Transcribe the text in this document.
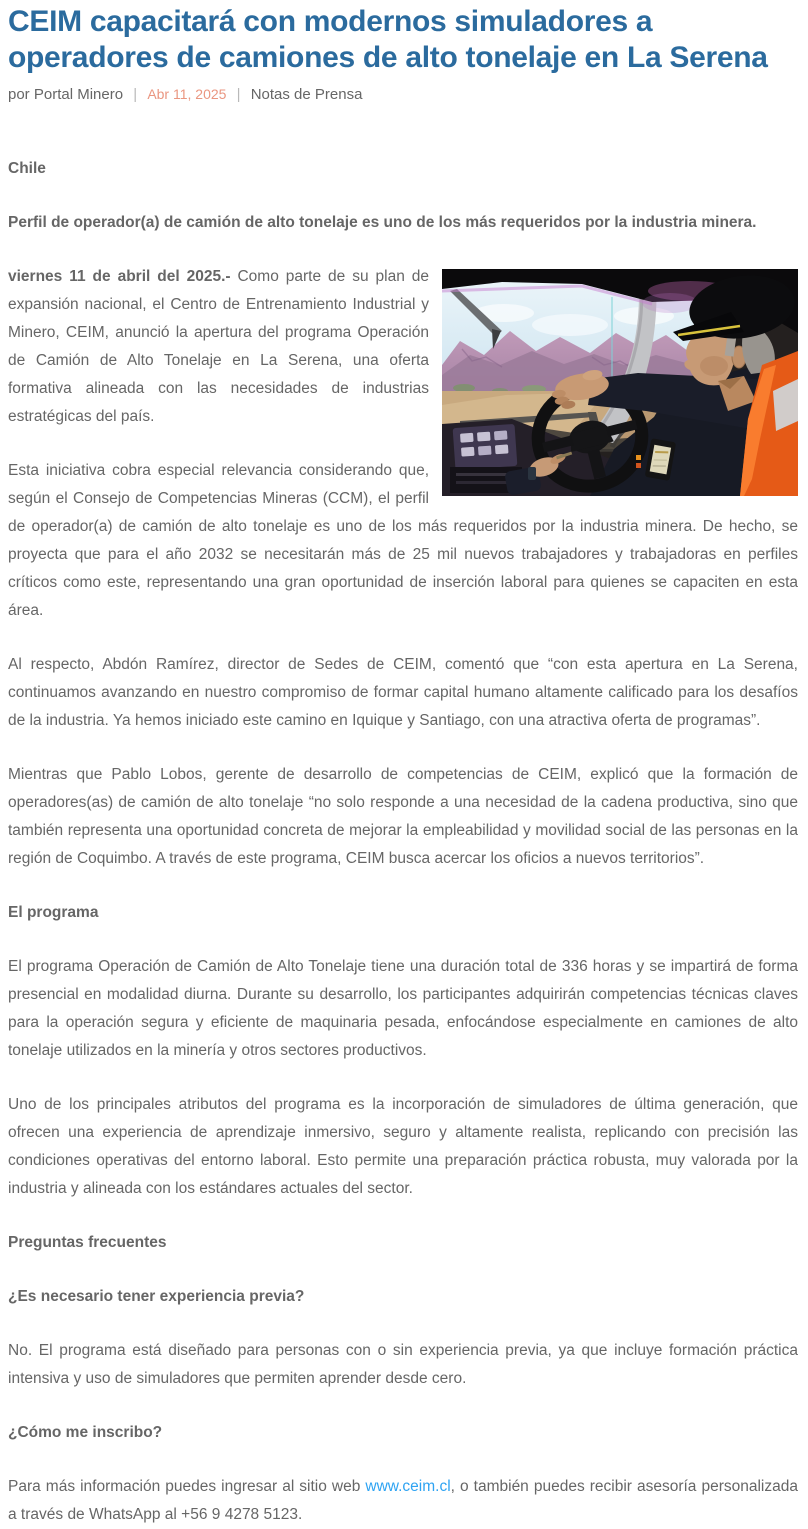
CEIM capacitará con modernos simuladores a operadores de camiones de alto tonelaje en La Serena
por Portal Minero | Abr 11, 2025 | Notas de Prensa

Chile

Perfil de operador(a) de camión de alto tonelaje es uno de los más requeridos por la industria minera.

viernes 11 de abril del 2025.- Como parte de su plan de expansión nacional, el Centro de Entrenamiento Industrial y Minero, CEIM, anunció la apertura del programa Operación de Camión de Alto Tonelaje en La Serena, una oferta formativa alineada con las necesidades de industrias estratégicas del país.

Esta iniciativa cobra especial relevancia considerando que, según el Consejo de Competencias Mineras (CCM), el perfil de operador(a) de camión de alto tonelaje es uno de los más requeridos por la industria minera. De hecho, se proyecta que para el año 2032 se necesitarán más de 25 mil nuevos trabajadores y trabajadoras en perfiles críticos como este, representando una gran oportunidad de inserción laboral para quienes se capaciten en esta área.

Al respecto, Abdón Ramírez, director de Sedes de CEIM, comentó que “con esta apertura en La Serena, continuamos avanzando en nuestro compromiso de formar capital humano altamente calificado para los desafíos de la industria. Ya hemos iniciado este camino en Iquique y Santiago, con una atractiva oferta de programas”.

Mientras que Pablo Lobos, gerente de desarrollo de competencias de CEIM, explicó que la formación de operadores(as) de camión de alto tonelaje “no solo responde a una necesidad de la cadena productiva, sino que también representa una oportunidad concreta de mejorar la empleabilidad y movilidad social de las personas en la región de Coquimbo. A través de este programa, CEIM busca acercar los oficios a nuevos territorios”.

El programa

El programa Operación de Camión de Alto Tonelaje tiene una duración total de 336 horas y se impartirá de forma presencial en modalidad diurna. Durante su desarrollo, los participantes adquirirán competencias técnicas claves para la operación segura y eficiente de maquinaria pesada, enfocándose especialmente en camiones de alto tonelaje utilizados en la minería y otros sectores productivos.

Uno de los principales atributos del programa es la incorporación de simuladores de última generación, que ofrecen una experiencia de aprendizaje inmersivo, seguro y altamente realista, replicando con precisión las condiciones operativas del entorno laboral. Esto permite una preparación práctica robusta, muy valorada por la industria y alineada con los estándares actuales del sector.

Preguntas frecuentes

¿Es necesario tener experiencia previa?

No. El programa está diseñado para personas con o sin experiencia previa, ya que incluye formación práctica intensiva y uso de simuladores que permiten aprender desde cero.

¿Cómo me inscribo?

Para más información puedes ingresar al sitio web www.ceim.cl, o también puedes recibir asesoría personalizada a través de WhatsApp al +56 9 4278 5123.
